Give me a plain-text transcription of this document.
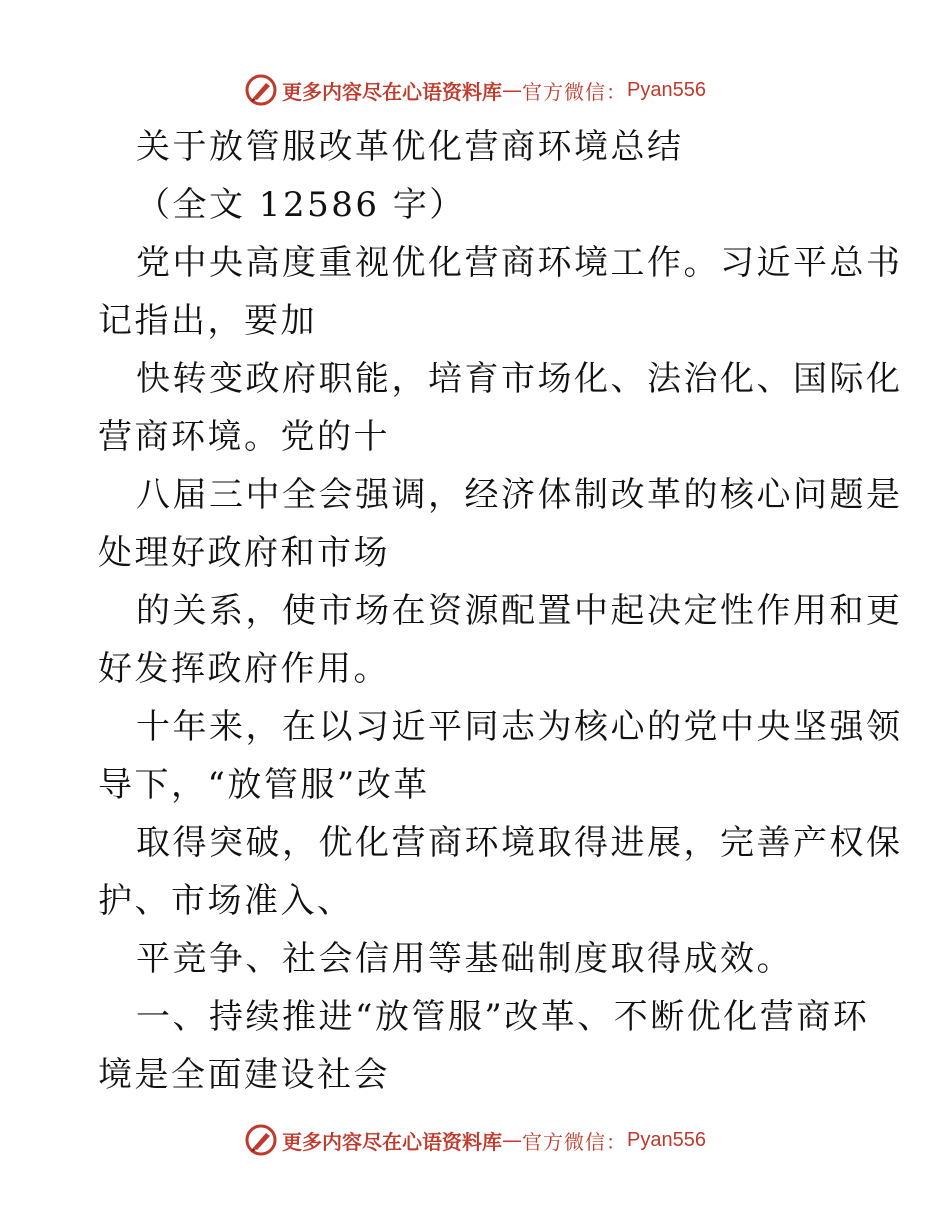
更多内容尽在心语资料库 — 官方微信： Pyan556
关于放管服改革优化营商环境总结
（全文 12586 字）
党中央高度重视优化营商环境工作。习近平总书
记指出，要加
快转变政府职能，培育市场化、法治化、国际化
营商环境。党的十
八届三中全会强调，经济体制改革的核心问题是
处理好政府和市场
的关系，使市场在资源配置中起决定性作用和更
好发挥政府作用。
十年来，在以习近平同志为核心的党中央坚强领
导下，“放管服”改革
取得突破，优化营商环境取得进展，完善产权保
护、市场准入、
平竞争、社会信用等基础制度取得成效。
一、持续推进“放管服”改革、不断优化营商环
境是全面建设社会
更多内容尽在心语资料库 — 官方微信： Pyan556
